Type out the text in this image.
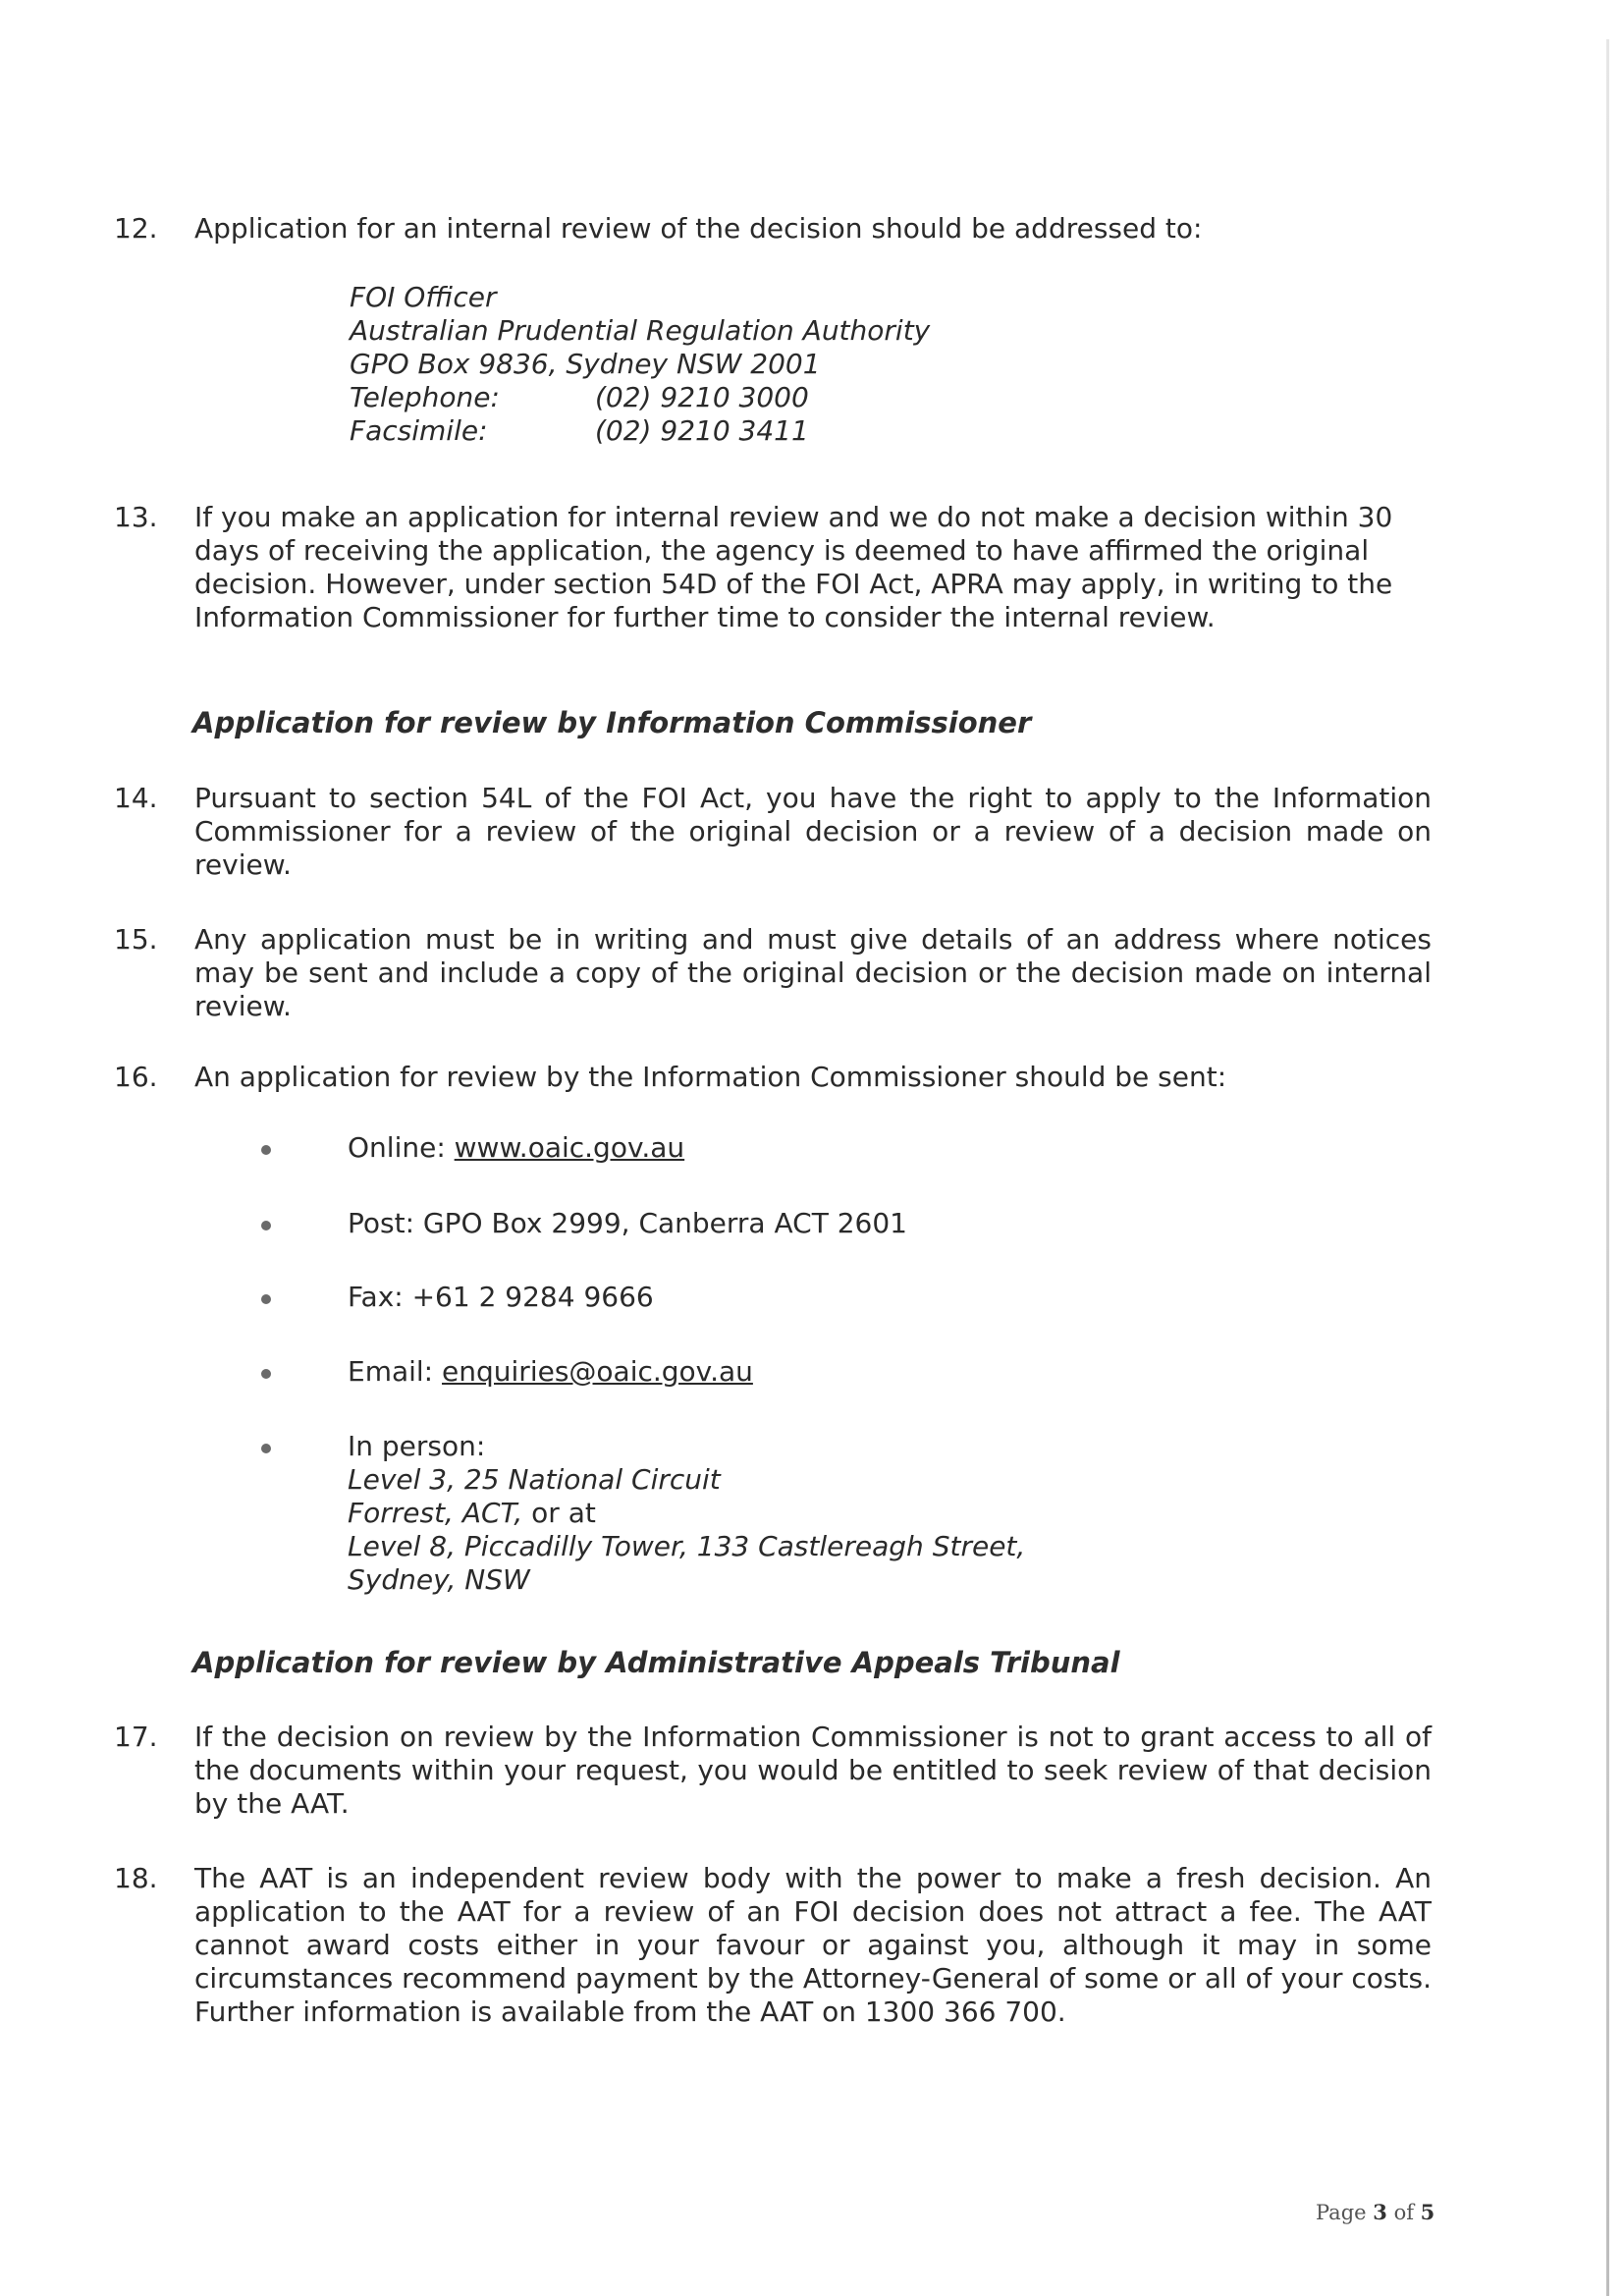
12. Application for an internal review of the decision should be addressed to:
FOI Officer
Australian Prudential Regulation Authority
GPO Box 9836, Sydney NSW 2001
Telephone:	(02) 9210 3000
Facsimile:	(02) 9210 3411
13. If you make an application for internal review and we do not make a decision within 30 days of receiving the application, the agency is deemed to have affirmed the original decision. However, under section 54D of the FOI Act, APRA may apply, in writing to the Information Commissioner for further time to consider the internal review.
Application for review by Information Commissioner
14. Pursuant to section 54L of the FOI Act, you have the right to apply to the Information Commissioner for a review of the original decision or a review of a decision made on review.
15. Any application must be in writing and must give details of an address where notices may be sent and include a copy of the original decision or the decision made on internal review.
16. An application for review by the Information Commissioner should be sent:
Online: www.oaic.gov.au
Post: GPO Box 2999, Canberra ACT 2601
Fax: +61 2 9284 9666
Email: enquiries@oaic.gov.au
In person:
Level 3, 25 National Circuit
Forrest, ACT, or at
Level 8, Piccadilly Tower, 133 Castlereagh Street,
Sydney, NSW
Application for review by Administrative Appeals Tribunal
17. If the decision on review by the Information Commissioner is not to grant access to all of the documents within your request, you would be entitled to seek review of that decision by the AAT.
18. The AAT is an independent review body with the power to make a fresh decision. An application to the AAT for a review of an FOI decision does not attract a fee. The AAT cannot award costs either in your favour or against you, although it may in some circumstances recommend payment by the Attorney-General of some or all of your costs. Further information is available from the AAT on 1300 366 700.
Page 3 of 5
